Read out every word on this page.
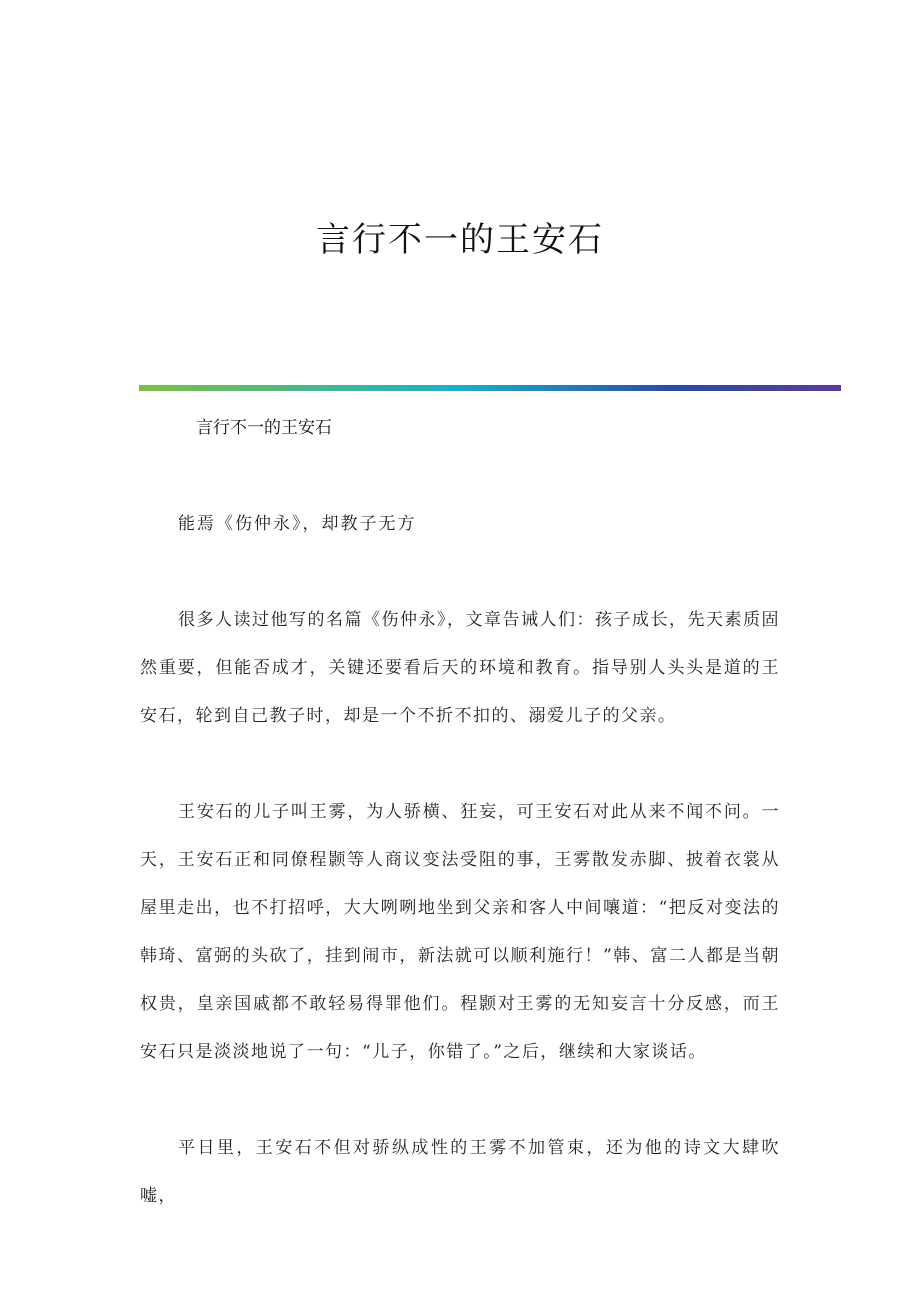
言行不一的王安石
言行不一的王安石
能焉《伤仲永》，却教子无方

很多人读过他写的名篇《伤仲永》，文章告诫人们：孩子成长，先天素质固然重要，但能否成才，关键还要看后天的环境和教育。指导别人头头是道的王安石，轮到自己教子时，却是一个不折不扣的、溺爱儿子的父亲。

王安石的儿子叫王雾，为人骄横、狂妄，可王安石对此从来不闻不问。一天，王安石正和同僚程颢等人商议变法受阻的事，王雾散发赤脚、披着衣裳从屋里走出，也不打招呼，大大咧咧地坐到父亲和客人中间嚷道：“把反对变法的韩琦、富弼的头砍了，挂到闹市，新法就可以顺利施行！”韩、富二人都是当朝权贵，皇亲国戚都不敢轻易得罪他们。程颢对王雾的无知妄言十分反感，而王安石只是淡淡地说了一句：“儿子，你错了。”之后，继续和大家谈话。

平日里，王安石不但对骄纵成性的王雾不加管束，还为他的诗文大肆吹嘘，
